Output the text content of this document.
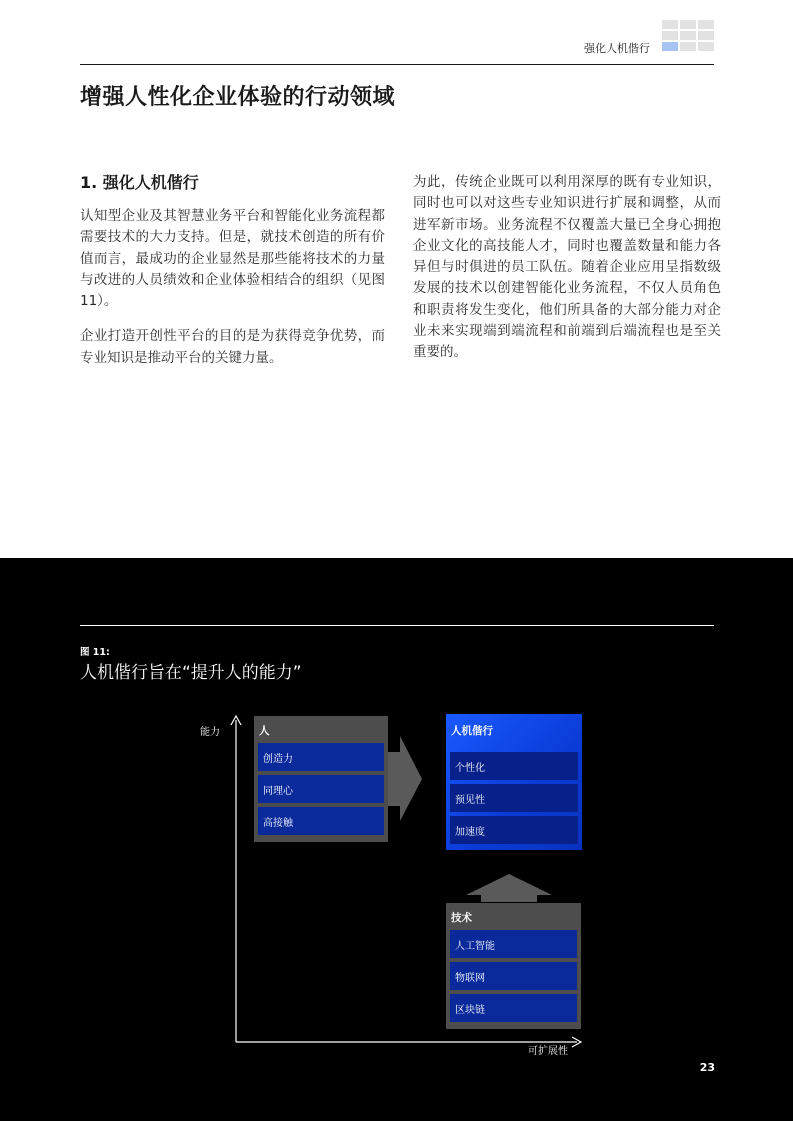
强化人机偕行
增强人性化企业体验的行动领域
1. 强化人机偕行

认知型企业及其智慧业务平台和智能化业务流程都需要技术的大力支持。但是，就技术创造的所有价值而言，最成功的企业显然是那些能将技术的力量与改进的人员绩效和企业体验相结合的组织（见图 11）。

企业打造开创性平台的目的是为获得竞争优势，而专业知识是推动平台的关键力量。

为此，传统企业既可以利用深厚的既有专业知识，同时也可以对这些专业知识进行扩展和调整，从而进军新市场。业务流程不仅覆盖大量已全身心拥抱企业文化的高技能人才，同时也覆盖数量和能力各异但与时俱进的员工队伍。随着企业应用呈指数级发展的技术以创建智能化业务流程，不仅人员角色和职责将发生变化，他们所具备的大部分能力对企业未来实现端到端流程和前端到后端流程也是至关重要的。

图 11:
人机偕行旨在“提升人的能力”
能力
可扩展性
人
创造力
同理心
高接触
人机偕行
个性化
预见性
加速度
技术
人工智能
物联网
区块链
23
